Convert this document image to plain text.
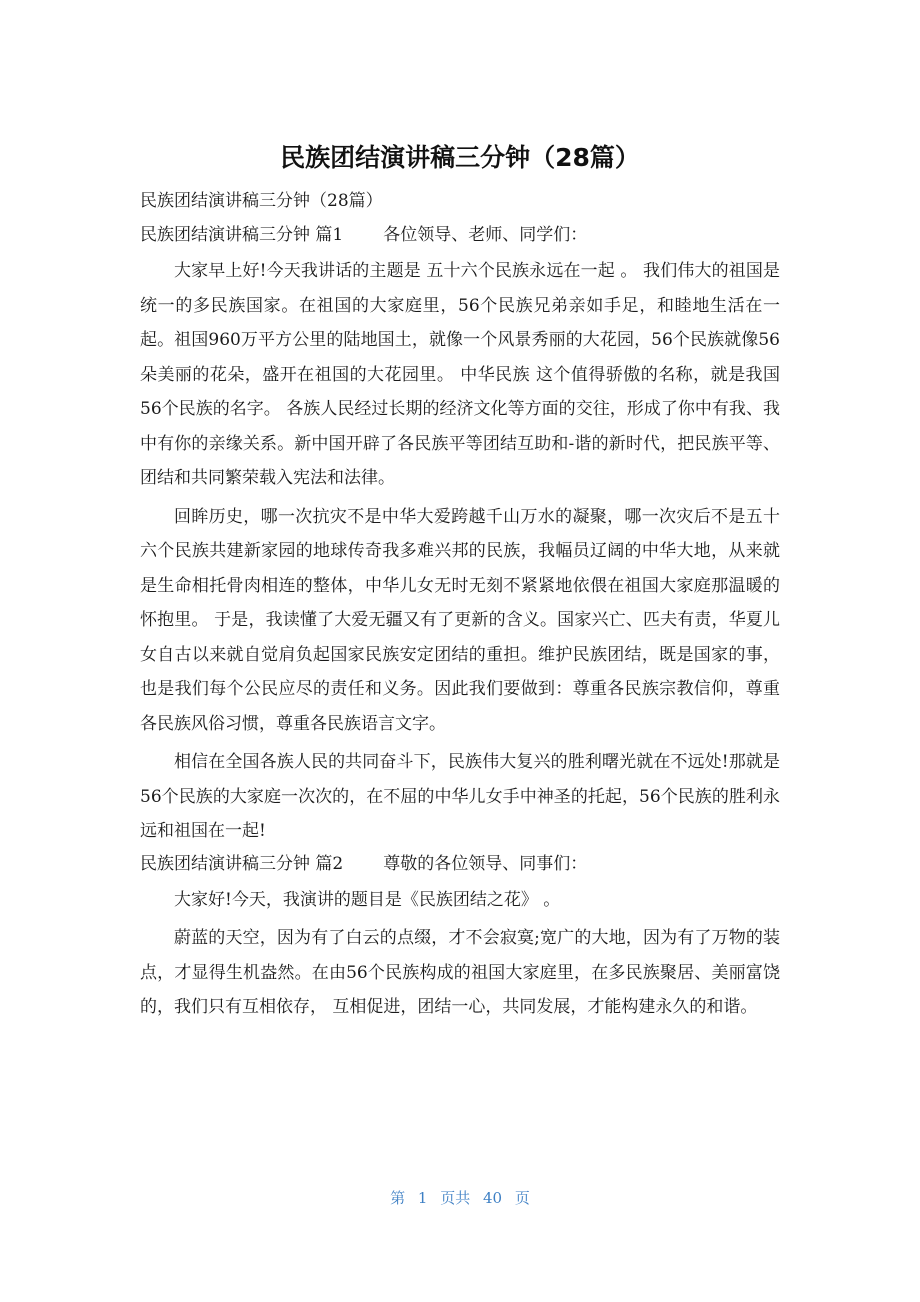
民族团结演讲稿三分钟（28篇）

民族团结演讲稿三分钟（28篇）

民族团结演讲稿三分钟 篇1 各位领导、老师、同学们：

大家早上好!今天我讲话的主题是 五十六个民族永远在一起 。 我们伟大的祖国是统一的多民族国家。在祖国的大家庭里，56个民族兄弟亲如手足，和睦地生活在一起。祖国960万平方公里的陆地国土，就像一个风景秀丽的大花园，56个民族就像56朵美丽的花朵，盛开在祖国的大花园里。 中华民族 这个值得骄傲的名称，就是我国56个民族的名字。 各族人民经过长期的经济文化等方面的交往，形成了你中有我、我中有你的亲缘关系。新中国开辟了各民族平等团结互助和-谐的新时代，把民族平等、团结和共同繁荣载入宪法和法律。

回眸历史，哪一次抗灾不是中华大爱跨越千山万水的凝聚，哪一次灾后不是五十六个民族共建新家园的地球传奇我多难兴邦的民族，我幅员辽阔的中华大地，从来就是生命相托骨肉相连的整体，中华儿女无时无刻不紧紧地依偎在祖国大家庭那温暖的怀抱里。 于是，我读懂了大爱无疆又有了更新的含义。国家兴亡、匹夫有责，华夏儿女自古以来就自觉肩负起国家民族安定团结的重担。维护民族团结，既是国家的事，也是我们每个公民应尽的责任和义务。因此我们要做到：尊重各民族宗教信仰，尊重各民族风俗习惯，尊重各民族语言文字。

相信在全国各族人民的共同奋斗下，民族伟大复兴的胜利曙光就在不远处!那就是56个民族的大家庭一次次的，在不屈的中华儿女手中神圣的托起，56个民族的胜利永远和祖国在一起!

民族团结演讲稿三分钟 篇2 尊敬的各位领导、同事们：

大家好!今天，我演讲的题目是《民族团结之花》 。

蔚蓝的天空，因为有了白云的点缀，才不会寂寞;宽广的大地，因为有了万物的装点，才显得生机盎然。在由56个民族构成的祖国大家庭里，在多民族聚居、美丽富饶的，我们只有互相依存， 互相促进，团结一心，共同发展，才能构建永久的和谐。

第 1 页共 40 页
